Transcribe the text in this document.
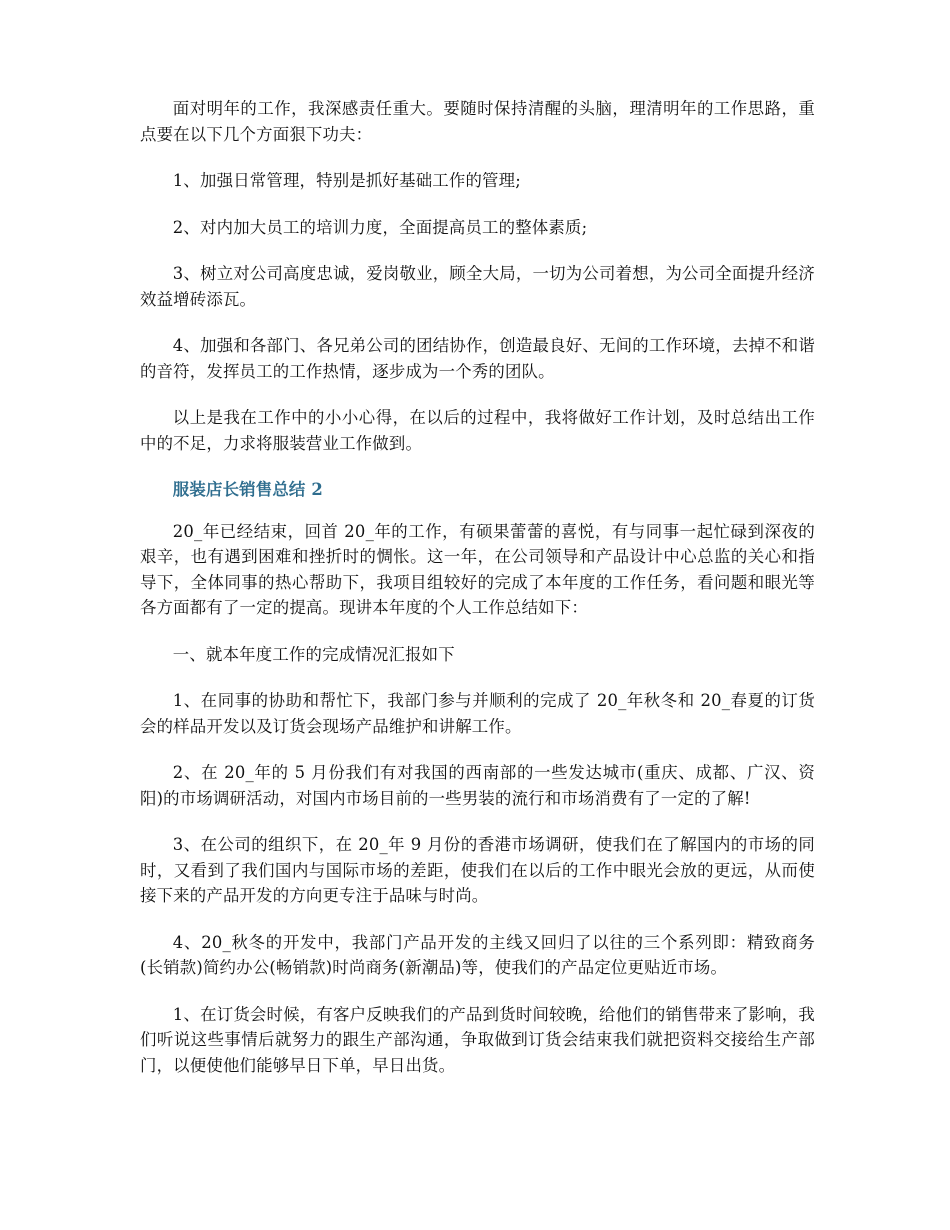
面对明年的工作，我深感责任重大。要随时保持清醒的头脑，理清明年的工作思路，重点要在以下几个方面狠下功夫：

1、加强日常管理，特别是抓好基础工作的管理;

2、对内加大员工的培训力度，全面提高员工的整体素质;

3、树立对公司高度忠诚，爱岗敬业，顾全大局，一切为公司着想，为公司全面提升经济效益增砖添瓦。

4、加强和各部门、各兄弟公司的团结协作，创造最良好、无间的工作环境，去掉不和谐的音符，发挥员工的工作热情，逐步成为一个秀的团队。

以上是我在工作中的小小心得，在以后的过程中，我将做好工作计划，及时总结出工作中的不足，力求将服装营业工作做到。

服装店长销售总结 2

20_年已经结束，回首 20_年的工作，有硕果蕾蕾的喜悦，有与同事一起忙碌到深夜的艰辛，也有遇到困难和挫折时的惆怅。这一年，在公司领导和产品设计中心总监的关心和指导下，全体同事的热心帮助下，我项目组较好的完成了本年度的工作任务，看问题和眼光等各方面都有了一定的提高。现讲本年度的个人工作总结如下：

一、就本年度工作的完成情况汇报如下

1、在同事的协助和帮忙下，我部门参与并顺利的完成了 20_年秋冬和 20_春夏的订货会的样品开发以及订货会现场产品维护和讲解工作。

2、在 20_年的 5 月份我们有对我国的西南部的一些发达城市(重庆、成都、广汉、资阳)的市场调研活动，对国内市场目前的一些男装的流行和市场消费有了一定的了解!

3、在公司的组织下，在 20_年 9 月份的香港市场调研，使我们在了解国内的市场的同时，又看到了我们国内与国际市场的差距，使我们在以后的工作中眼光会放的更远，从而使接下来的产品开发的方向更专注于品味与时尚。

4、20_秋冬的开发中，我部门产品开发的主线又回归了以往的三个系列即：精致商务(长销款)简约办公(畅销款)时尚商务(新潮品)等，使我们的产品定位更贴近市场。

1、在订货会时候，有客户反映我们的产品到货时间较晚，给他们的销售带来了影响，我们听说这些事情后就努力的跟生产部沟通，争取做到订货会结束我们就把资料交接给生产部门，以便使他们能够早日下单，早日出货。
